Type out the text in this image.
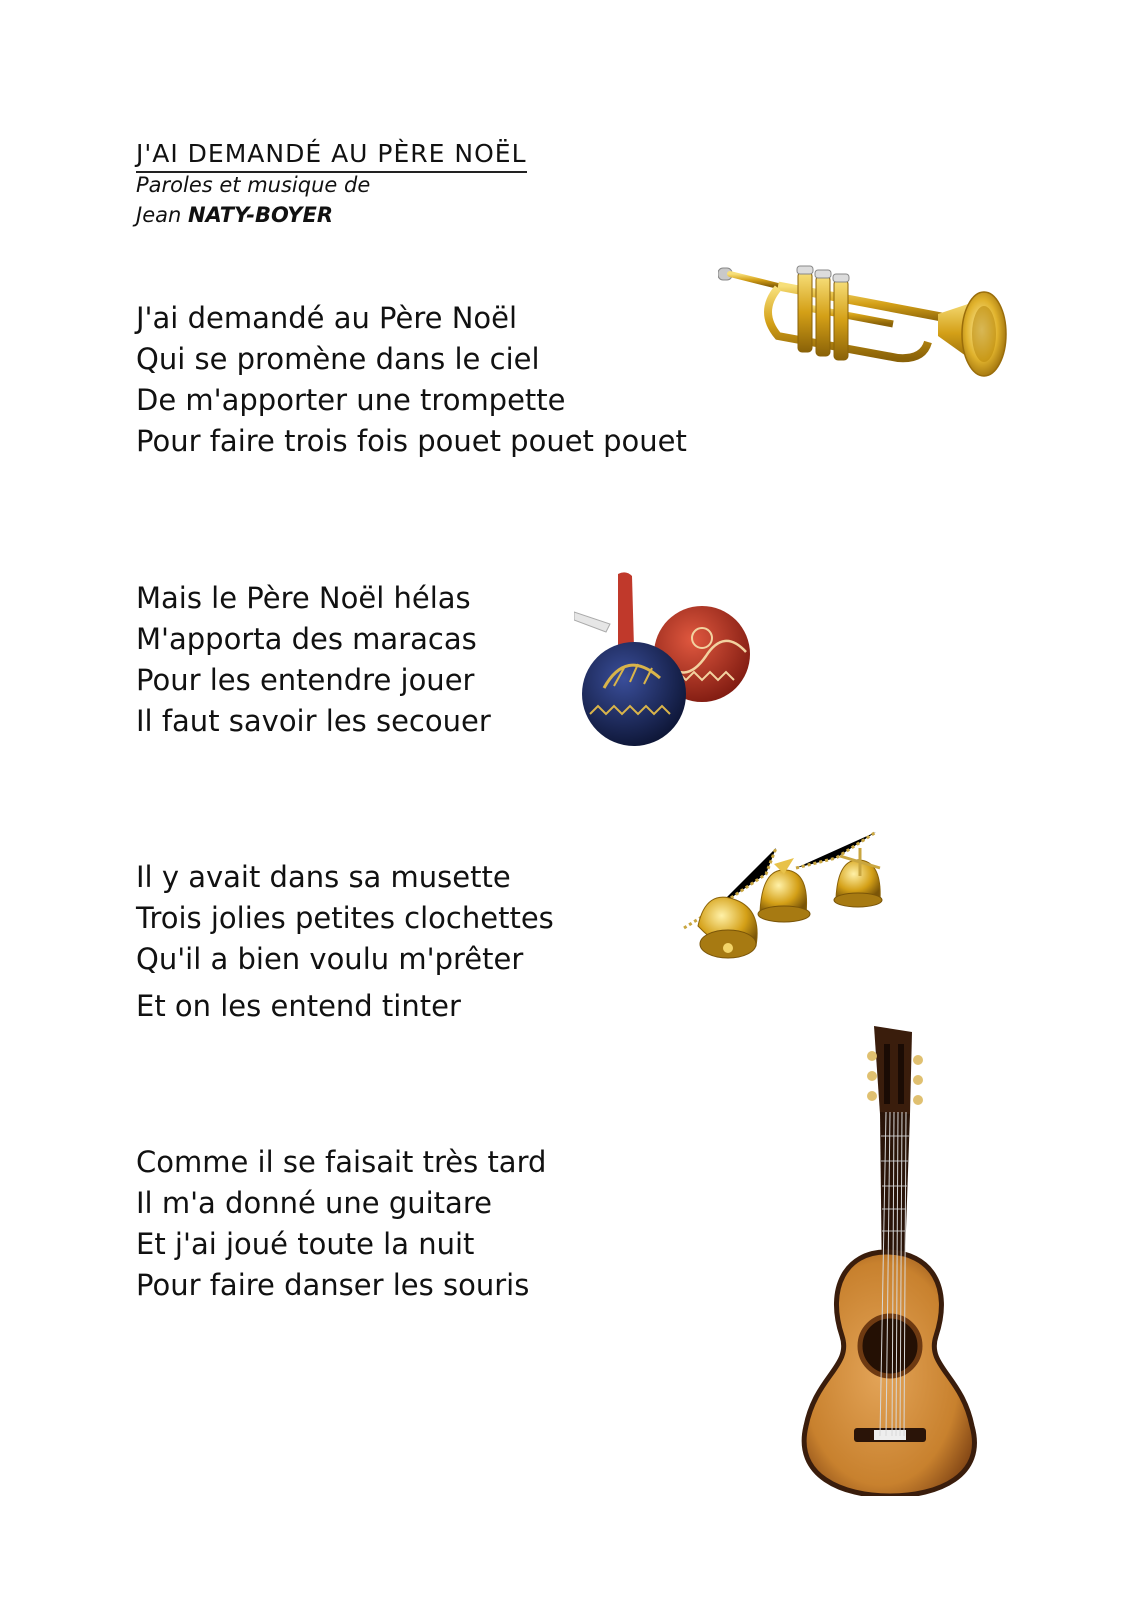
J'AI DEMANDÉ AU PÈRE NOËL
Paroles et musique de
Jean NATY-BOYER
J'ai demandé au Père Noël
Qui se promène dans le ciel
De m'apporter une trompette
Pour faire trois fois pouet pouet pouet
Mais le Père Noël hélas
M'apporta des maracas
Pour les entendre jouer
Il faut savoir les secouer
Il y avait dans sa musette
Trois jolies petites clochettes
Qu'il a bien voulu m'prêter
Et on les entend tinter
Comme il se faisait très tard
Il m'a donné une guitare
Et j'ai joué toute la nuit
Pour faire danser les souris
